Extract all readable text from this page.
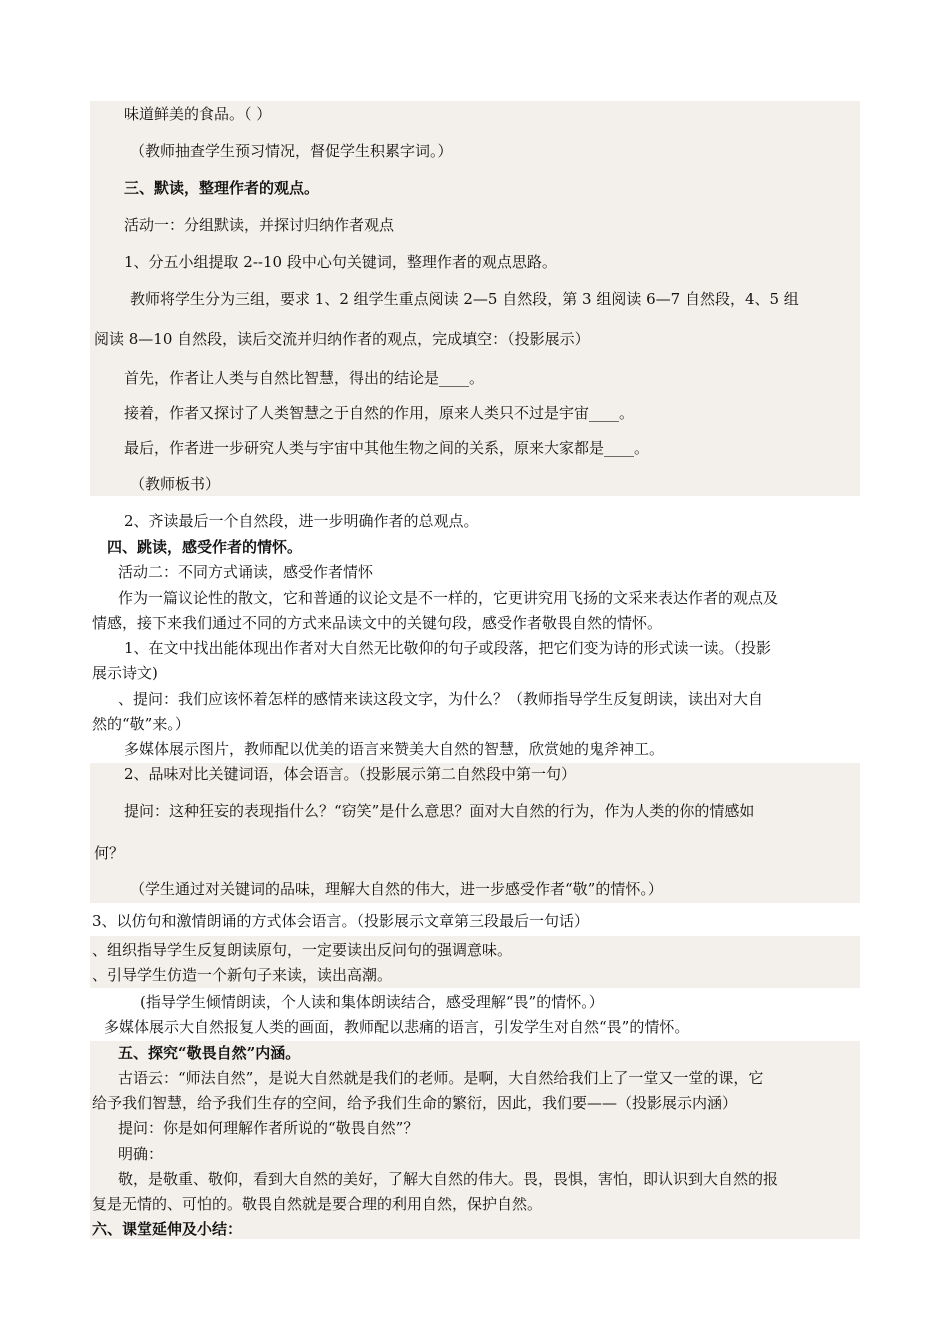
味道鲜美的食品。（ ）
（教师抽查学生预习情况，督促学生积累字词。）
三、默读，整理作者的观点。
活动一：分组默读，并探讨归纳作者观点
1、分五小组提取 2--10 段中心句关键词，整理作者的观点思路。
教师将学生分为三组，要求 1、2 组学生重点阅读 2—5 自然段，第 3 组阅读 6—7 自然段，4、5 组
阅读 8—10 自然段，读后交流并归纳作者的观点，完成填空：（投影展示）
首先，作者让人类与自然比智慧，得出的结论是____。
接着，作者又探讨了人类智慧之于自然的作用，原来人类只不过是宇宙____。
最后，作者进一步研究人类与宇宙中其他生物之间的关系，原来大家都是____。
（教师板书）
2、齐读最后一个自然段，进一步明确作者的总观点。
四、跳读，感受作者的情怀。
活动二：不同方式诵读，感受作者情怀
作为一篇议论性的散文，它和普通的议论文是不一样的，它更讲究用飞扬的文采来表达作者的观点及
情感，接下来我们通过不同的方式来品读文中的关键句段，感受作者敬畏自然的情怀。
1、在文中找出能体现出作者对大自然无比敬仰的句子或段落，把它们变为诗的形式读一读。（投影
展示诗文)
、提问：我们应该怀着怎样的感情来读这段文字，为什么？（教师指导学生反复朗读，读出对大自
然的“敬”来。）
多媒体展示图片，教师配以优美的语言来赞美大自然的智慧，欣赏她的鬼斧神工。
2、品味对比关键词语，体会语言。（投影展示第二自然段中第一句）
提问：这种狂妄的表现指什么？“窃笑”是什么意思？面对大自然的行为，作为人类的你的情感如
何？
（学生通过对关键词的品味，理解大自然的伟大，进一步感受作者“敬”的情怀。）
3、以仿句和激情朗诵的方式体会语言。（投影展示文章第三段最后一句话）
、组织指导学生反复朗读原句，一定要读出反问句的强调意味。
、引导学生仿造一个新句子来读，读出高潮。
(指导学生倾情朗读，个人读和集体朗读结合，感受理解“畏”的情怀。）
多媒体展示大自然报复人类的画面，教师配以悲痛的语言，引发学生对自然“畏”的情怀。
五、探究“敬畏自然”内涵。
古语云：“师法自然”，是说大自然就是我们的老师。是啊，大自然给我们上了一堂又一堂的课，它
给予我们智慧，给予我们生存的空间，给予我们生命的繁衍，因此，我们要——（投影展示内涵）
提问：你是如何理解作者所说的“敬畏自然”？
明确：
敬，是敬重、敬仰，看到大自然的美好，了解大自然的伟大。畏，畏惧，害怕，即认识到大自然的报
复是无情的、可怕的。敬畏自然就是要合理的利用自然，保护自然。
六、课堂延伸及小结：
